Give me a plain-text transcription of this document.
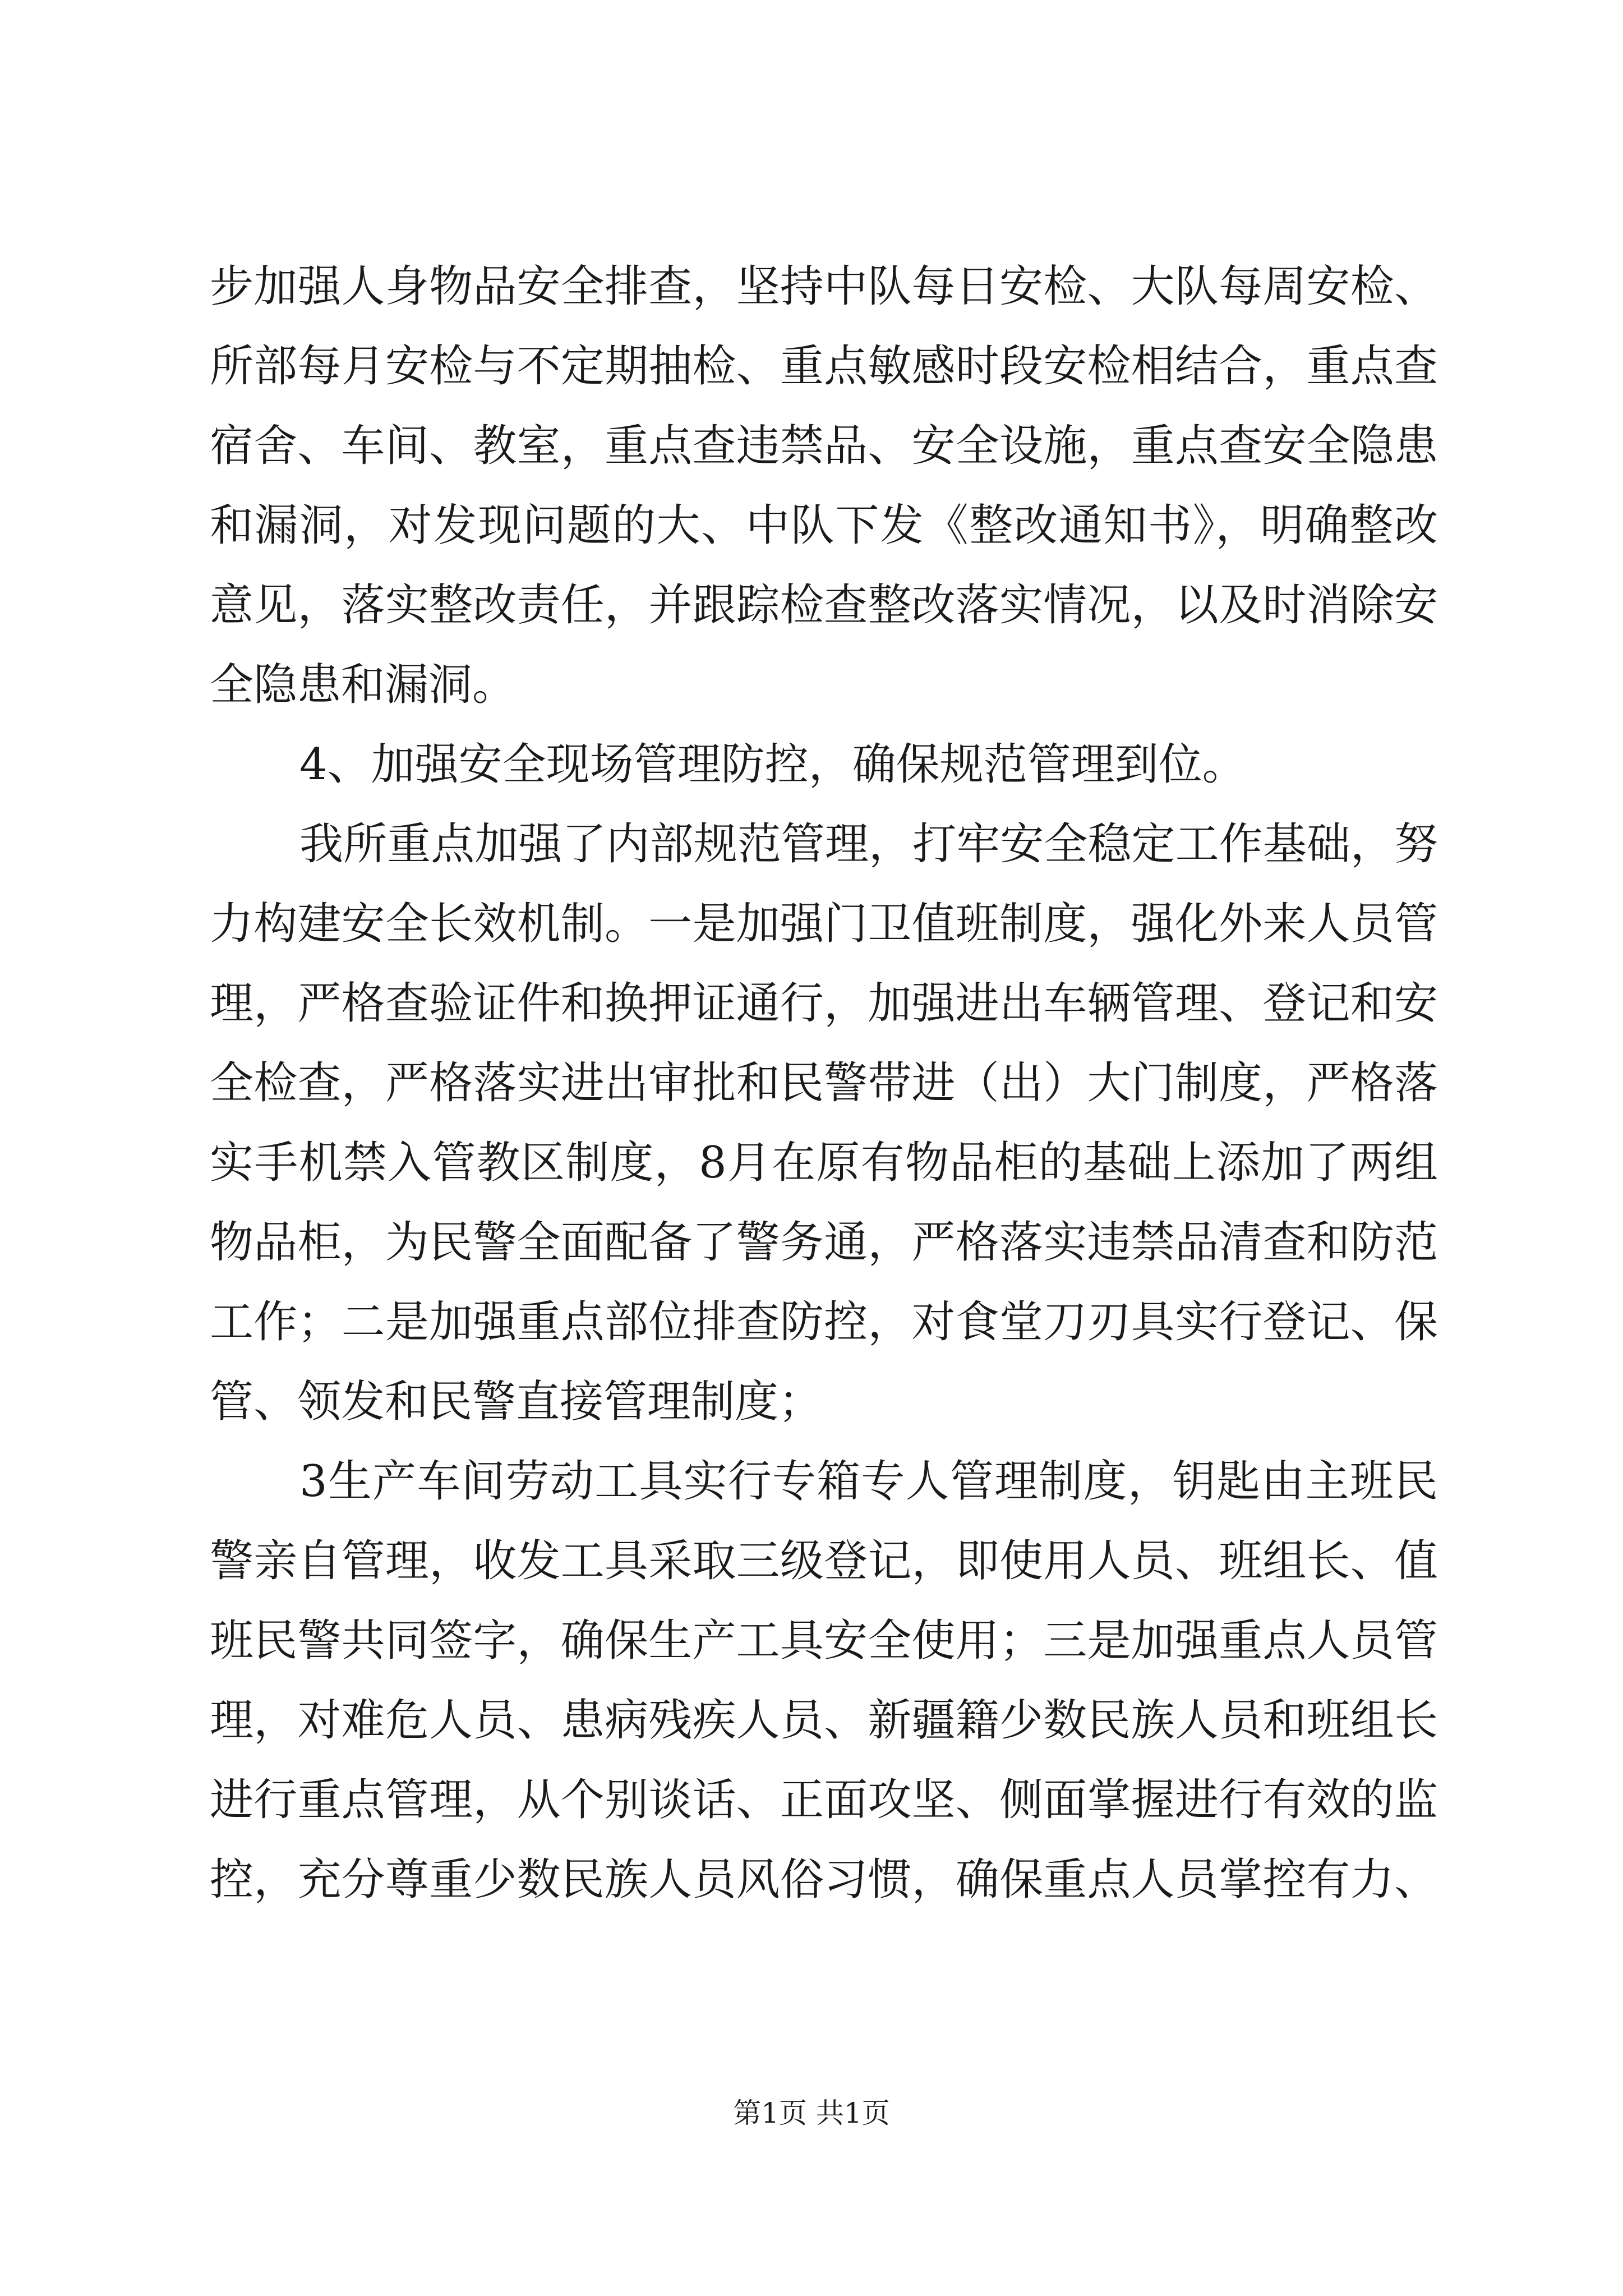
步加强人身物品安全排查，坚持中队每日安检、大队每周安检、
所部每月安检与不定期抽检、重点敏感时段安检相结合，重点查
宿舍、车间、教室，重点查违禁品、安全设施，重点查安全隐患
和漏洞，对发现问题的大、中队下发《整改通知书》，明确整改
意见，落实整改责任，并跟踪检查整改落实情况，以及时消除安
全隐患和漏洞。
4、加强安全现场管理防控，确保规范管理到位。
我所重点加强了内部规范管理，打牢安全稳定工作基础，努
力构建安全长效机制。一是加强门卫值班制度，强化外来人员管
理，严格查验证件和换押证通行，加强进出车辆管理、登记和安
全检查，严格落实进出审批和民警带进（出）大门制度，严格落
实手机禁入管教区制度，8月在原有物品柜的基础上添加了两组
物品柜，为民警全面配备了警务通，严格落实违禁品清查和防范
工作；二是加强重点部位排查防控，对食堂刀刃具实行登记、保
管、领发和民警直接管理制度；
3生产车间劳动工具实行专箱专人管理制度，钥匙由主班民
警亲自管理，收发工具采取三级登记，即使用人员、班组长、值
班民警共同签字，确保生产工具安全使用；三是加强重点人员管
理，对难危人员、患病残疾人员、新疆籍少数民族人员和班组长
进行重点管理，从个别谈话、正面攻坚、侧面掌握进行有效的监
控，充分尊重少数民族人员风俗习惯，确保重点人员掌控有力、
第1页 共1页
